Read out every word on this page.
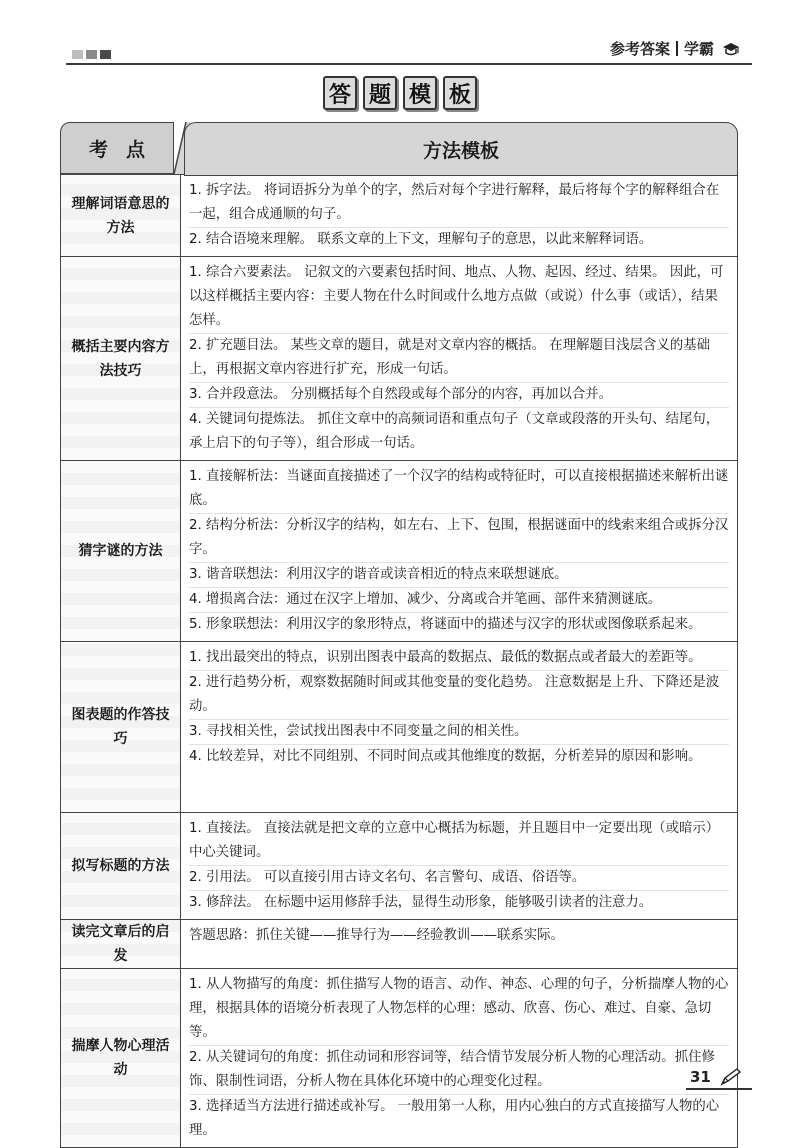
参考答案 学霸
答 题 模 板
考点	方法模板
理解词语意思的方法

1. 拆字法。 将词语拆分为单个的字，然后对每个字进行解释，最后将每个字的解释组合在一起，组合成通顺的句子。

2. 结合语境来理解。 联系文章的上下文，理解句子的意思，以此来解释词语。

概括主要内容方法技巧

1. 综合六要素法。 记叙文的六要素包括时间、地点、人物、起因、经过、结果。 因此，可以这样概括主要内容：主要人物在什么时间或什么地方点做（或说）什么事（或话），结果怎样。

2. 扩充题目法。 某些文章的题目，就是对文章内容的概括。 在理解题目浅层含义的基础上，再根据文章内容进行扩充，形成一句话。

3. 合并段意法。 分别概括每个自然段或每个部分的内容，再加以合并。

4. 关键词句提炼法。 抓住文章中的高频词语和重点句子（文章或段落的开头句、结尾句，承上启下的句子等），组合形成一句话。

猜字谜的方法

1. 直接解析法：当谜面直接描述了一个汉字的结构或特征时，可以直接根据描述来解析出谜底。

2. 结构分析法：分析汉字的结构，如左右、上下、包围，根据谜面中的线索来组合或拆分汉字。

3. 谐音联想法：利用汉字的谐音或读音相近的特点来联想谜底。

4. 增损离合法：通过在汉字上增加、减少、分离或合并笔画、部件来猜测谜底。

5. 形象联想法：利用汉字的象形特点，将谜面中的描述与汉字的形状或图像联系起来。

图表题的作答技巧

1. 找出最突出的特点，识别出图表中最高的数据点、最低的数据点或者最大的差距等。

2. 进行趋势分析，观察数据随时间或其他变量的变化趋势。 注意数据是上升、下降还是波动。

3. 寻找相关性，尝试找出图表中不同变量之间的相关性。

4. 比较差异，对比不同组别、不同时间点或其他维度的数据，分析差异的原因和影响。

拟写标题的方法

1. 直接法。 直接法就是把文章的立意中心概括为标题，并且题目中一定要出现（或暗示）中心关键词。

2. 引用法。 可以直接引用古诗文名句、名言警句、成语、俗语等。

3. 修辞法。 在标题中运用修辞手法，显得生动形象，能够吸引读者的注意力。

读完文章后的启发

答题思路：抓住关键——推导行为——经验教训——联系实际。

揣摩人物心理活动

1. 从人物描写的角度：抓住描写人物的语言、动作、神态、心理的句子，分析揣摩人物的心理，根据具体的语境分析表现了人物怎样的心理：感动、欣喜、伤心、难过、自豪、急切等。

2. 从关键词句的角度：抓住动词和形容词等，结合情节发展分析人物的心理活动。抓住修饰、限制性词语，分析人物在具体化环境中的心理变化过程。

3. 选择适当方法进行描述或补写。 一般用第一人称，用内心独白的方式直接描写人物的心理。

31
